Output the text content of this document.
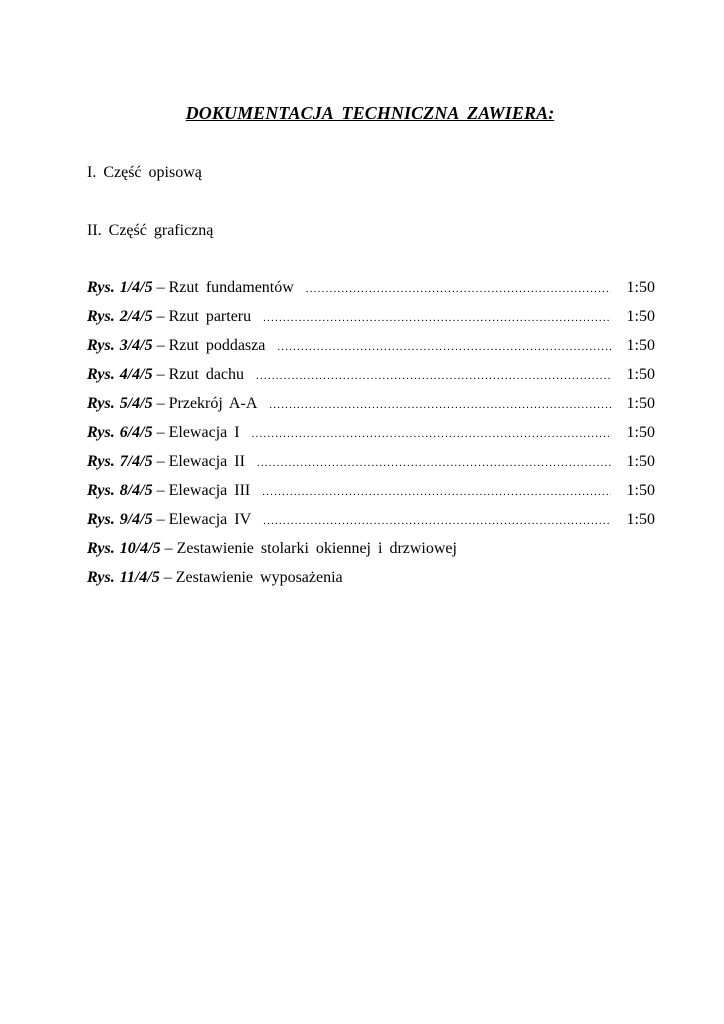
DOKUMENTACJA TECHNICZNA ZAWIERA:
I. Część opisową
II. Część graficzną
Rys. 1/4/5 – Rzut fundamentów .....	1:50
Rys. 2/4/5 – Rzut parteru .....	1:50
Rys. 3/4/5 – Rzut poddasza .....	1:50
Rys. 4/4/5 – Rzut dachu .....	1:50
Rys. 5/4/5 – Przekrój A-A .....	1:50
Rys. 6/4/5 – Elewacja I .....	1:50
Rys. 7/4/5 – Elewacja II .....	1:50
Rys. 8/4/5 – Elewacja III .....	1:50
Rys. 9/4/5 – Elewacja IV .....	1:50
Rys. 10/4/5 – Zestawienie stolarki okiennej i drzwiowej
Rys. 11/4/5 – Zestawienie wyposażenia
